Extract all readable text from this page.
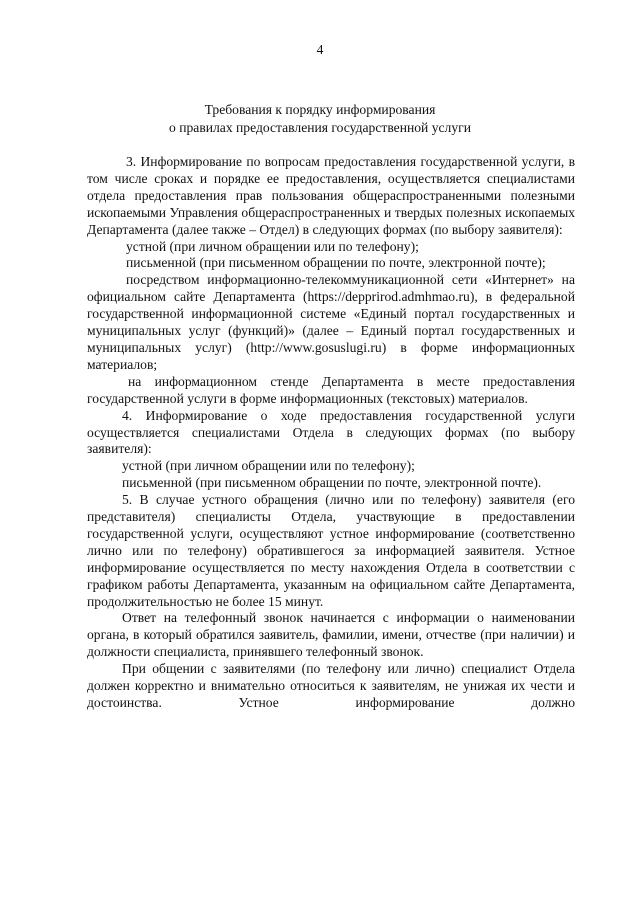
4
Требования к порядку информирования
о правилах предоставления государственной услуги

3. Информирование по вопросам предоставления государственной услуги, в том числе сроках и порядке ее предоставления, осуществляется специалистами отдела предоставления прав пользования общераспространенными полезными ископаемыми Управления общераспространенных и твердых полезных ископаемых Департамента (далее также – Отдел) в следующих формах (по выбору заявителя):

устной (при личном обращении или по телефону);

письменной (при письменном обращении по почте, электронной почте);

посредством информационно-телекоммуникационной сети «Интернет» на официальном сайте Департамента (https://depprirod.admhmao.ru), в федеральной государственной информационной системе «Единый портал государственных и муниципальных услуг (функций)» (далее – Единый портал государственных и муниципальных услуг) (http://www.gosuslugi.ru) в форме информационных материалов;

на информационном стенде Департамента в месте предоставления государственной услуги в форме информационных (текстовых) материалов.

4. Информирование о ходе предоставления государственной услуги осуществляется специалистами Отдела в следующих формах (по выбору заявителя):

устной (при личном обращении или по телефону);

письменной (при письменном обращении по почте, электронной почте).

5. В случае устного обращения (лично или по телефону) заявителя (его представителя) специалисты Отдела, участвующие в предоставлении государственной услуги, осуществляют устное информирование (соответственно лично или по телефону) обратившегося за информацией заявителя. Устное информирование осуществляется по месту нахождения Отдела в соответствии с графиком работы Департамента, указанным на официальном сайте Департамента, продолжительностью не более 15 минут.

Ответ на телефонный звонок начинается с информации о наименовании органа, в который обратился заявитель, фамилии, имени, отчестве (при наличии) и должности специалиста, принявшего телефонный звонок.

При общении с заявителями (по телефону или лично) специалист Отдела должен корректно и внимательно относиться к заявителям, не унижая их чести и достоинства. Устное информирование должно
